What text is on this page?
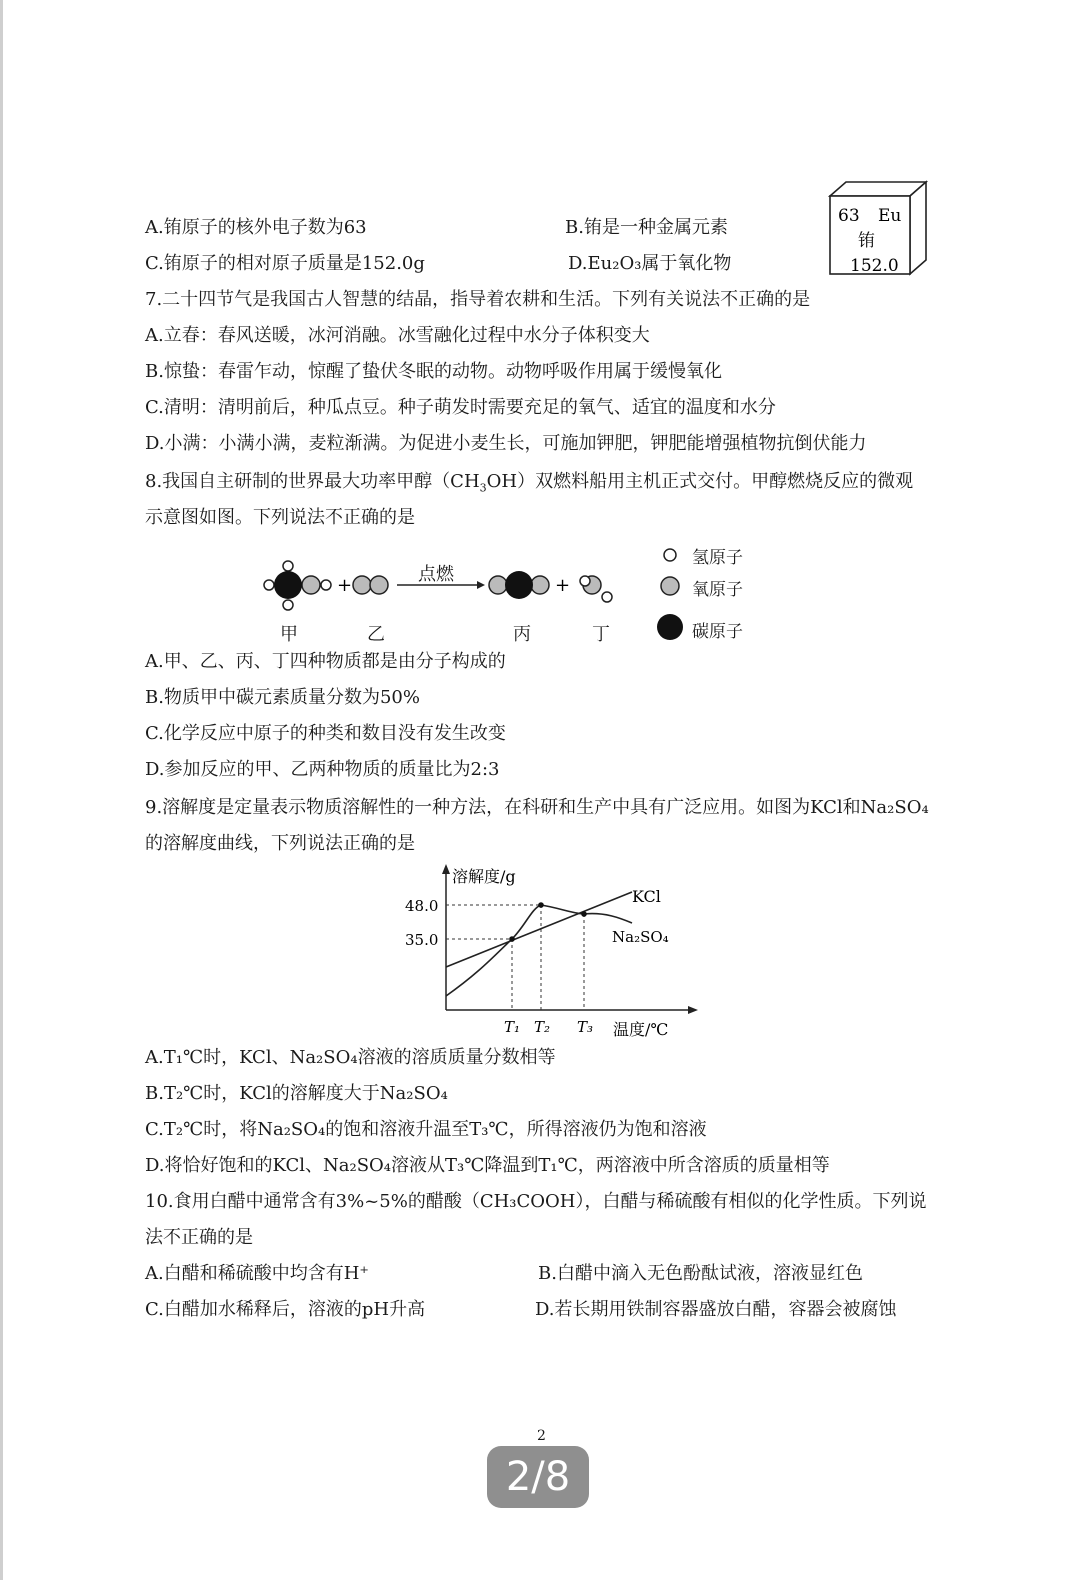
A.铕原子的核外电子数为63	B.铕是一种金属元素
C.铕原子的相对原子质量是152.0g	D.Eu₂O₃属于氧化物
63 Eu
铕
152.0
7.二十四节气是我国古人智慧的结晶，指导着农耕和生活。下列有关说法不正确的是
A.立春：春风送暖，冰河消融。冰雪融化过程中水分子体积变大
B.惊蛰：春雷乍动，惊醒了蛰伏冬眠的动物。动物呼吸作用属于缓慢氧化
C.清明：清明前后，种瓜点豆。种子萌发时需要充足的氧气、适宜的温度和水分
D.小满：小满小满，麦粒渐满。为促进小麦生长，可施加钾肥，钾肥能增强植物抗倒伏能力
8.我国自主研制的世界最大功率甲醇$(CH_3OH)$双燃料船用主机正式交付。甲醇燃烧反应的微观
示意图如图。下列说法不正确的是
+	+
点燃
甲	乙	丙	丁
氢原子
氧原子
碳原子
A.甲、乙、丙、丁四种物质都是由分子构成的
B.物质甲中碳元素质量分数为50%
C.化学反应中原子的种类和数目没有发生改变
D.参加反应的甲、乙两种物质的质量比为2:3
9.溶解度是定量表示物质溶解性的一种方法，在科研和生产中具有广泛应用。如图为KCl和Na₂SO₄
的溶解度曲线，下列说法正确的是
溶解度/g
48.0
35.0
KCl
Na₂SO₄
T₁ T₂ T₃ 温度/℃
A.T₁℃时，KCl、Na₂SO₄溶液的溶质质量分数相等
B.T₂℃时，KCl的溶解度大于Na₂SO₄
C.T₂℃时，将Na₂SO₄的饱和溶液升温至T₃℃，所得溶液仍为饱和溶液
D.将恰好饱和的KCl、Na₂SO₄溶液从T₃℃降温到T₁℃，两溶液中所含溶质的质量相等
10.食用白醋中通常含有3%~5%的醋酸（CH₃COOH），白醋与稀硫酸有相似的化学性质。下列说
法不正确的是
A.白醋和稀硫酸中均含有H⁺	B.白醋中滴入无色酚酞试液，溶液显红色
C.白醋加水稀释后，溶液的pH升高	D.若长期用铁制容器盛放白醋，容器会被腐蚀
2
2/8
